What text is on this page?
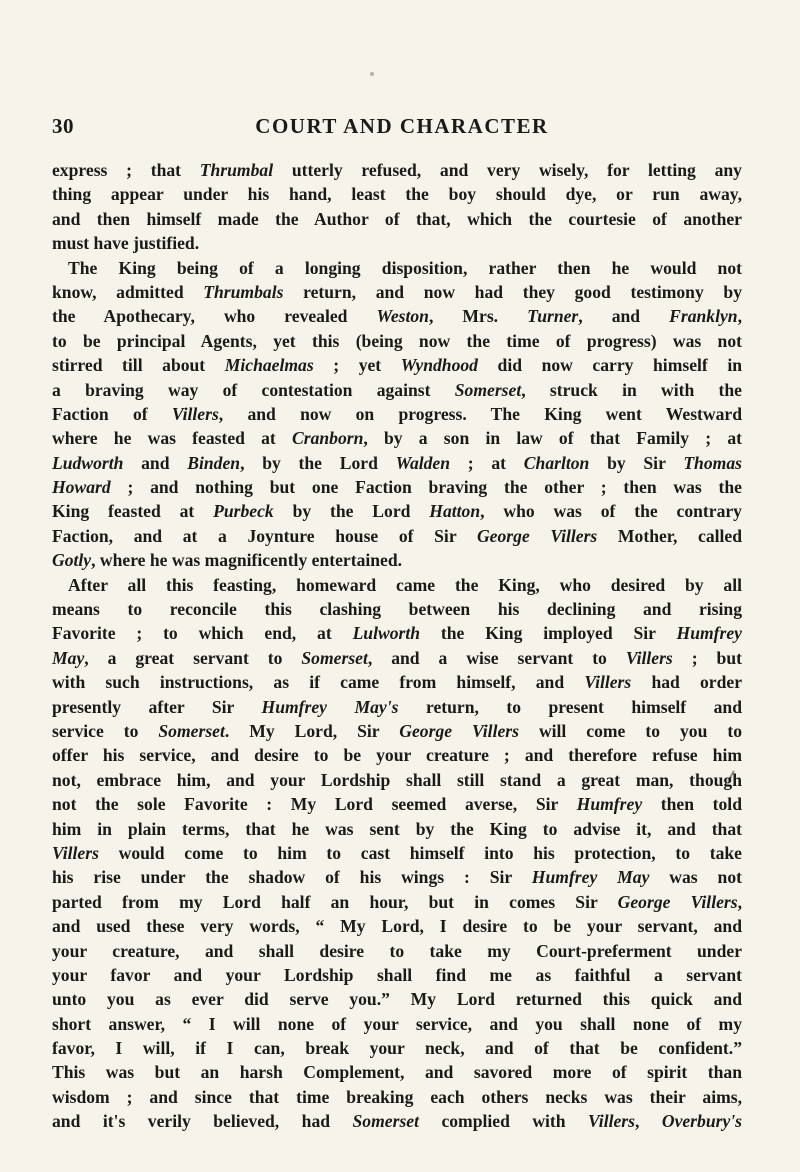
30	COURT AND CHARACTER
express ; that Thrumbal utterly refused, and very wisely, for letting any
thing appear under his hand, least the boy should dye, or run away,
and then himself made the Author of that, which the courtesie of another
must have justified.
The King being of a longing disposition, rather then he would not
know, admitted Thrumbals return, and now had they good testimony by
the Apothecary, who revealed Weston, Mrs. Turner, and Franklyn,
to be principal Agents, yet this (being now the time of progress) was not
stirred till about Michaelmas ; yet Wyndhood did now carry himself in
a braving way of contestation against Somerset, struck in with the
Faction of Villers, and now on progress. The King went Westward
where he was feasted at Cranborn, by a son in law of that Family ; at
Ludworth and Binden, by the Lord Walden ; at Charlton by Sir Thomas
Howard ; and nothing but one Faction braving the other ; then was the
King feasted at Purbeck by the Lord Hatton, who was of the contrary
Faction, and at a Joynture house of Sir George Villers Mother, called
Gotly, where he was magnificently entertained.
After all this feasting, homeward came the King, who desired by all
means to reconcile this clashing between his declining and rising
Favorite ; to which end, at Lulworth the King imployed Sir Humfrey
May, a great servant to Somerset, and a wise servant to Villers ; but
with such instructions, as if came from himself, and Villers had order
presently after Sir Humfrey May's return, to present himself and
service to Somerset. My Lord, Sir George Villers will come to you to
offer his service, and desire to be your creature ; and therefore refuse him
not, embrace him, and your Lordship shall still stand a great man, though
not the sole Favorite : My Lord seemed averse, Sir Humfrey then told
him in plain terms, that he was sent by the King to advise it, and that
Villers would come to him to cast himself into his protection, to take
his rise under the shadow of his wings : Sir Humfrey May was not
parted from my Lord half an hour, but in comes Sir George Villers,
and used these very words, “ My Lord, I desire to be your servant, and
your creature, and shall desire to take my Court-preferment under
your favor and your Lordship shall find me as faithful a servant
unto you as ever did serve you.” My Lord returned this quick and
short answer, “ I will none of your service, and you shall none of my
favor, I will, if I can, break your neck, and of that be confident.”
This was but an harsh Complement, and savored more of spirit than
wisdom ; and since that time breaking each others necks was their aims,
and it's verily believed, had Somerset complied with Villers, Overbury's
